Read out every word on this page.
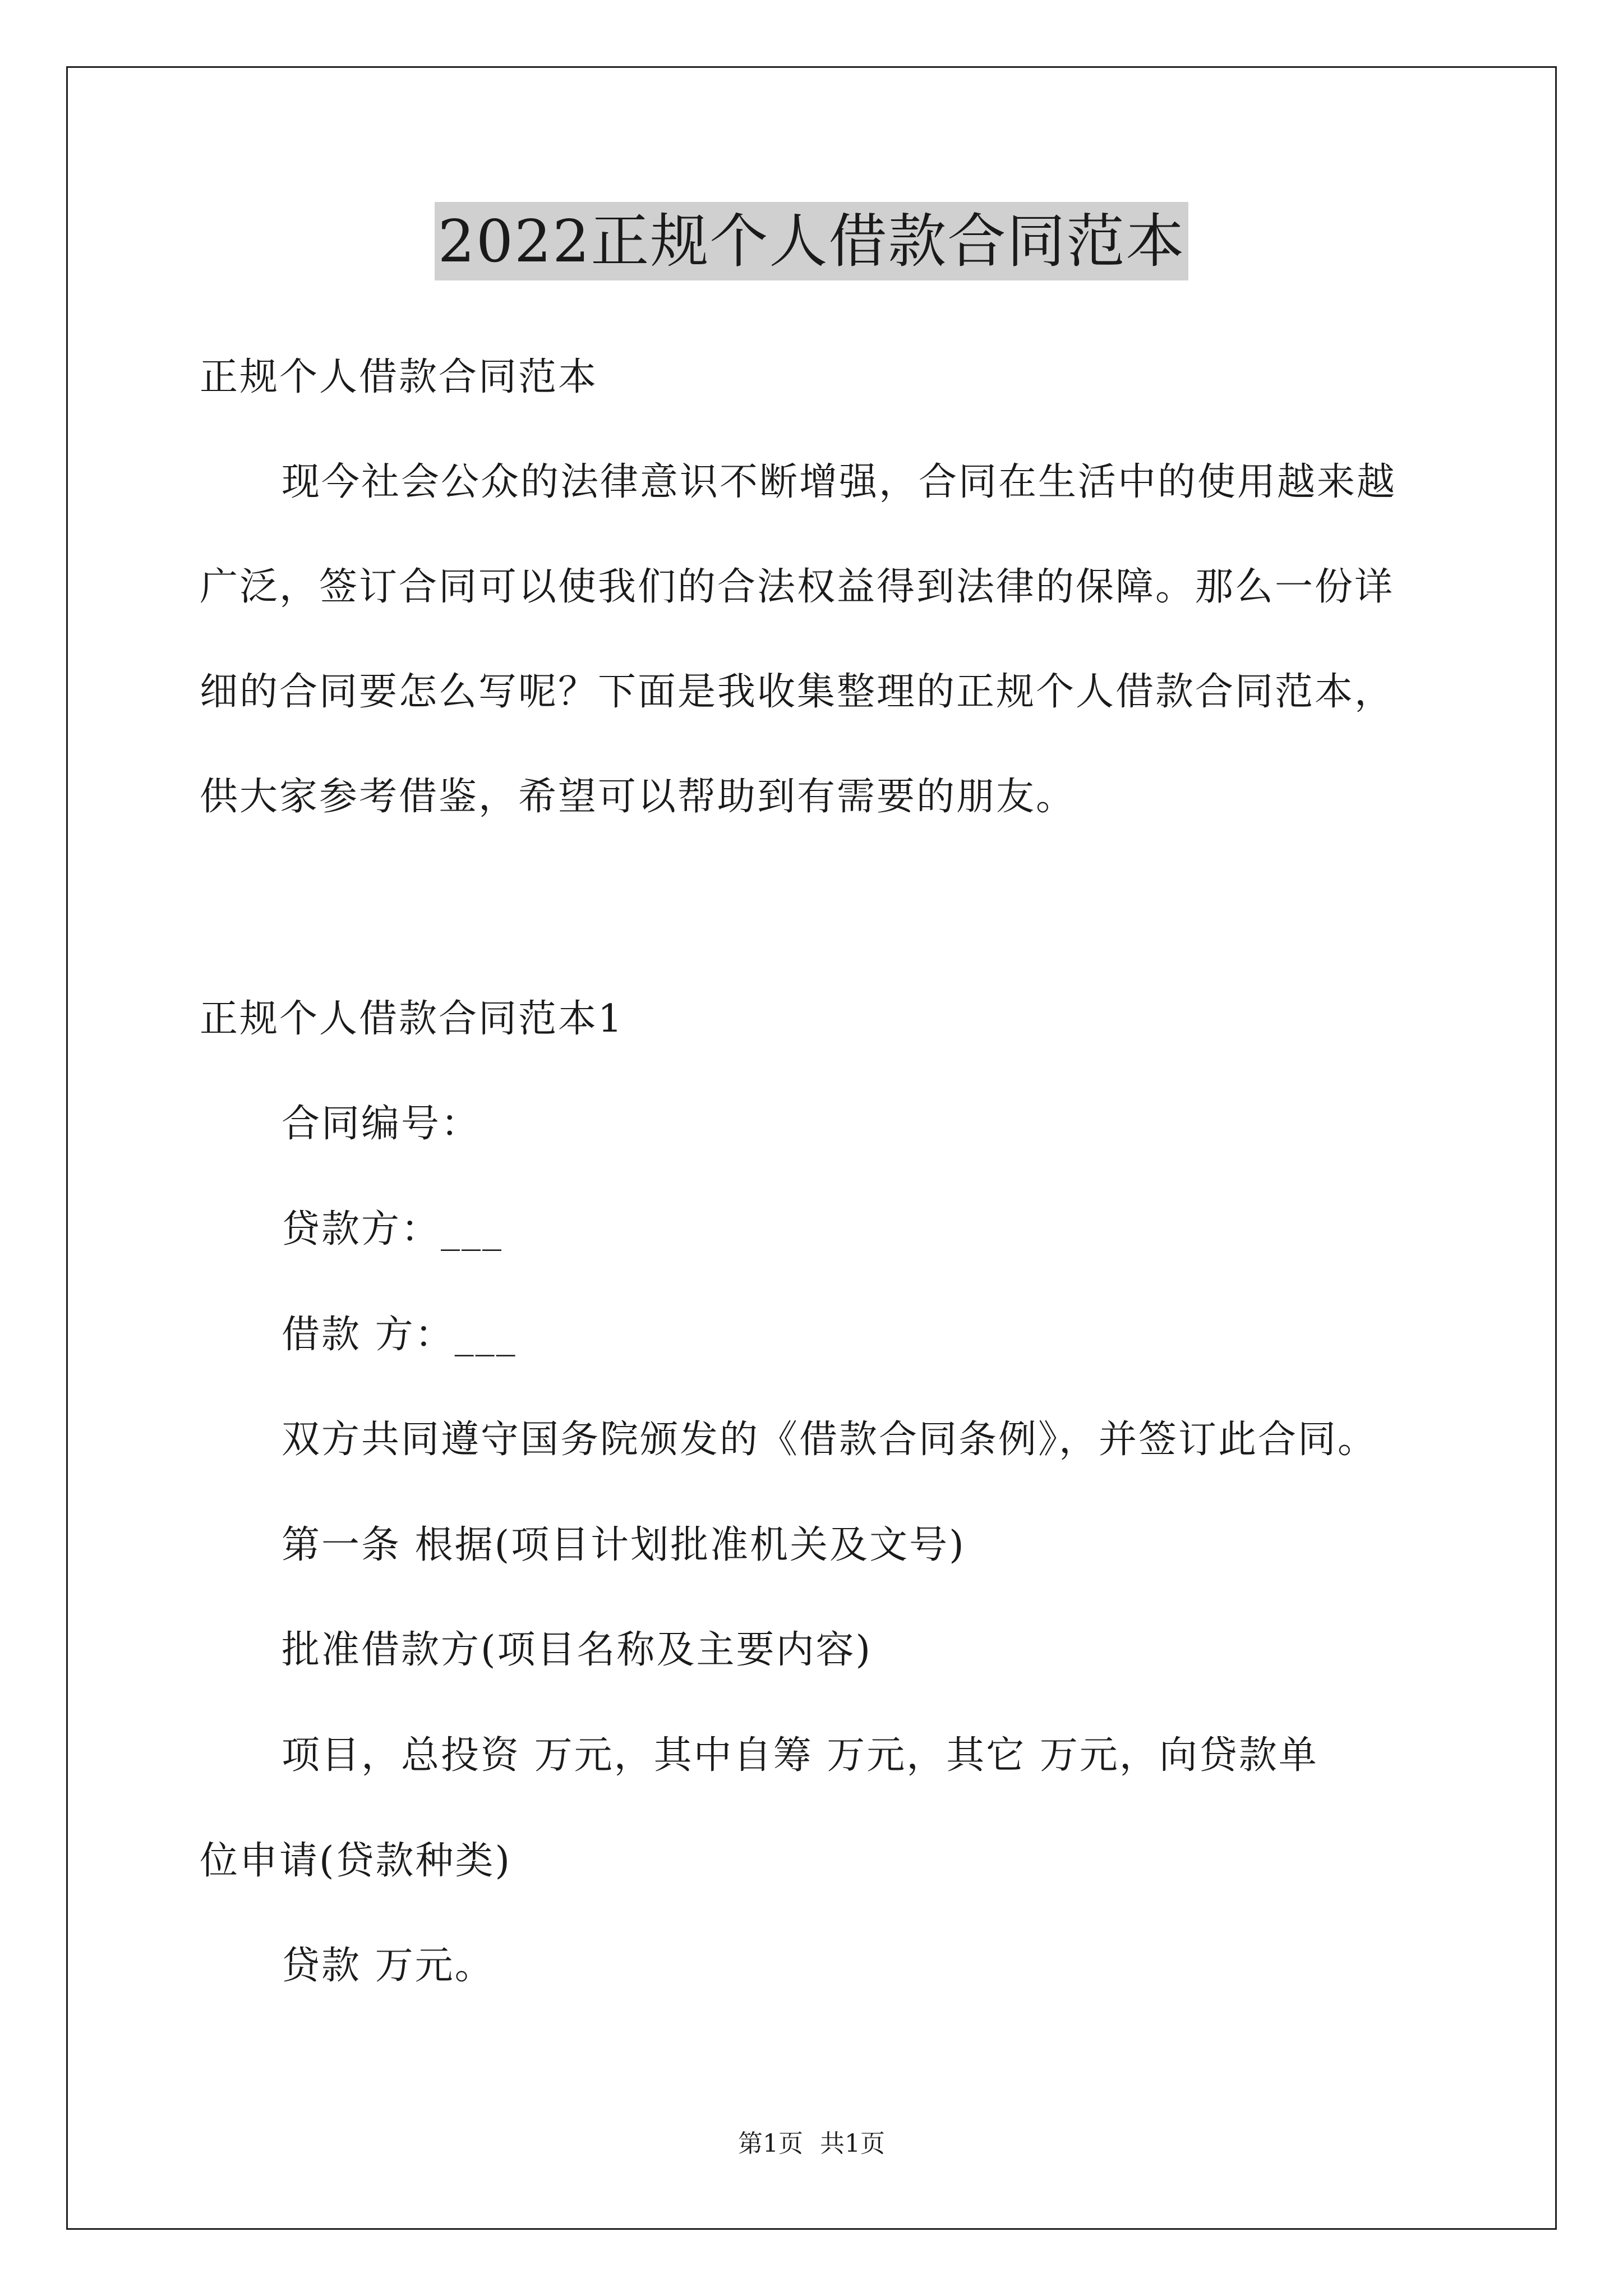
2022正规个人借款合同范本
正规个人借款合同范本
现今社会公众的法律意识不断增强，合同在生活中的使用越来越
广泛，签订合同可以使我们的合法权益得到法律的保障。那么一份详
细的合同要怎么写呢？下面是我收集整理的正规个人借款合同范本，
供大家参考借鉴，希望可以帮助到有需要的朋友。
正规个人借款合同范本1
合同编号：
贷款方：___
借款 方：___
双方共同遵守国务院颁发的《借款合同条例》，并签订此合同。
第一条 根据(项目计划批准机关及文号)
批准借款方(项目名称及主要内容)
项目，总投资 万元，其中自筹 万元，其它 万元，向贷款单
位申请(贷款种类)
贷款 万元。
第1页 共1页
